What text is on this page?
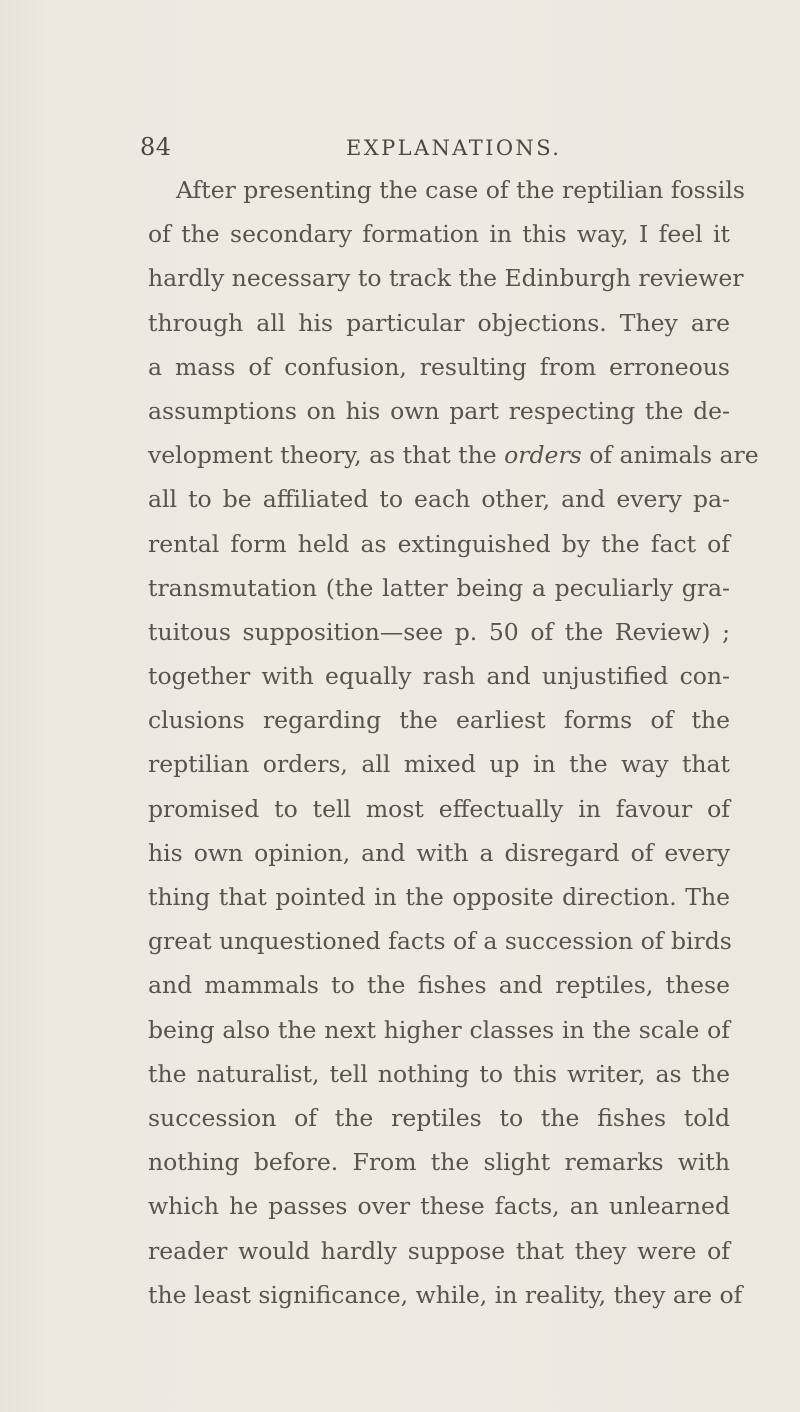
84	EXPLANATIONS.
After presenting the case of the reptilian fossils
of the secondary formation in this way, I feel it
hardly necessary to track the Edinburgh reviewer
through all his particular objections. They are
a mass of confusion, resulting from erroneous
assumptions on his own part respecting the de-
velopment theory, as that the orders of animals are
all to be affiliated to each other, and every pa-
rental form held as extinguished by the fact of
transmutation (the latter being a peculiarly gra-
tuitous supposition—see p. 50 of the Review) ;
together with equally rash and unjustified con-
clusions regarding the earliest forms of the
reptilian orders, all mixed up in the way that
promised to tell most effectually in favour of
his own opinion, and with a disregard of every
thing that pointed in the opposite direction. The
great unquestioned facts of a succession of birds
and mammals to the fishes and reptiles, these
being also the next higher classes in the scale of
the naturalist, tell nothing to this writer, as the
succession of the reptiles to the fishes told
nothing before. From the slight remarks with
which he passes over these facts, an unlearned
reader would hardly suppose that they were of
the least significance, while, in reality, they are of
